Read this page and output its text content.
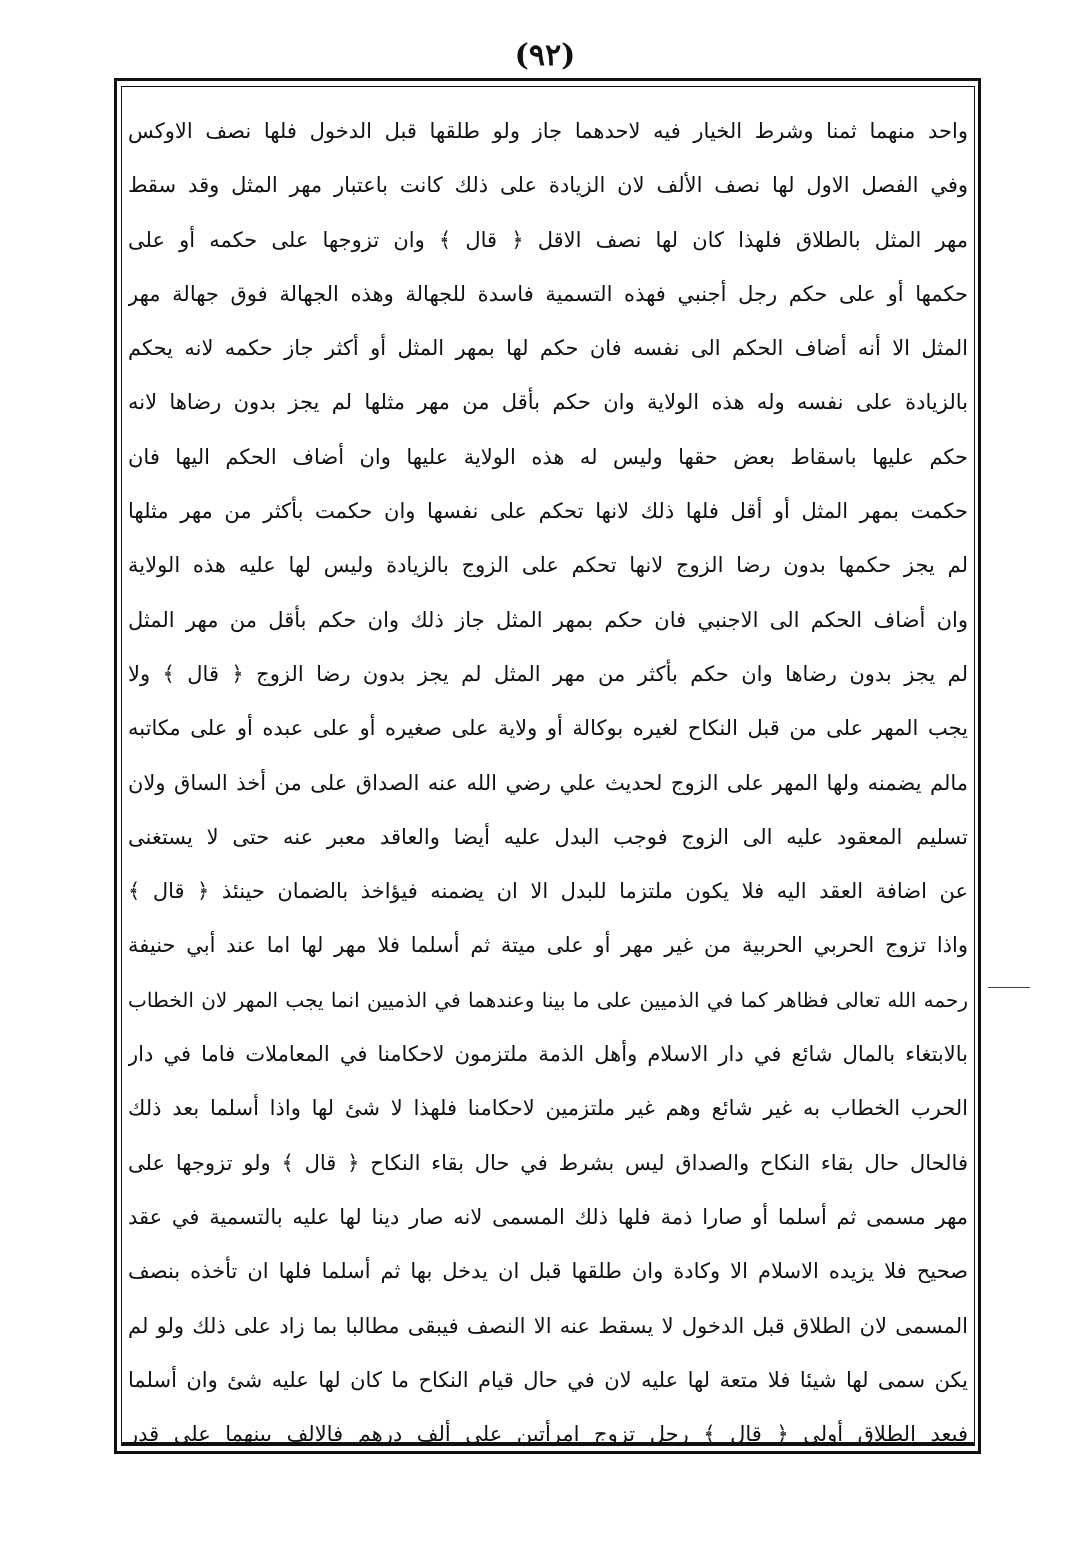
(٩٢)
واحد منهما ثمنا وشرط الخيار فيه لاحدهما جاز ولو طلقها قبل الدخول فلها نصف الاوكس
وفي الفصل الاول لها نصف الألف لان الزيادة على ذلك كانت باعتبار مهر المثل وقد سقط
مهر المثل بالطلاق فلهذا كان لها نصف الاقل ﴿ قال ﴾ وان تزوجها على حكمه أو على
حكمها أو على حكم رجل أجنبي فهذه التسمية فاسدة للجهالة وهذه الجهالة فوق جهالة مهر
المثل الا أنه أضاف الحكم الى نفسه فان حكم لها بمهر المثل أو أكثر جاز حكمه لانه يحكم
بالزيادة على نفسه وله هذه الولاية وان حكم بأقل من مهر مثلها لم يجز بدون رضاها لانه
حكم عليها باسقاط بعض حقها وليس له هذه الولاية عليها وان أضاف الحكم اليها فان
حكمت بمهر المثل أو أقل فلها ذلك لانها تحكم على نفسها وان حكمت بأكثر من مهر مثلها
لم يجز حكمها بدون رضا الزوج لانها تحكم على الزوج بالزيادة وليس لها عليه هذه الولاية
وان أضاف الحكم الى الاجنبي فان حكم بمهر المثل جاز ذلك وان حكم بأقل من مهر المثل
لم يجز بدون رضاها وان حكم بأكثر من مهر المثل لم يجز بدون رضا الزوج ﴿ قال ﴾ ولا
يجب المهر على من قبل النكاح لغيره بوكالة أو ولاية على صغيره أو على عبده أو على مكاتبه
مالم يضمنه ولها المهر على الزوج لحديث علي رضي الله عنه الصداق على من أخذ الساق ولان
تسليم المعقود عليه الى الزوج فوجب البدل عليه أيضا والعاقد معبر عنه حتى لا يستغنى
عن اضافة العقد اليه فلا يكون ملتزما للبدل الا ان يضمنه فيؤاخذ بالضمان حينئذ ﴿ قال ﴾
واذا تزوج الحربي الحربية من غير مهر أو على ميتة ثم أسلما فلا مهر لها اما عند أبي حنيفة
رحمه الله تعالى فظاهر كما في الذميين على ما بينا وعندهما في الذميين انما يجب المهر لان الخطاب
بالابتغاء بالمال شائع في دار الاسلام وأهل الذمة ملتزمون لاحكامنا في المعاملات فاما في دار
الحرب الخطاب به غير شائع وهم غير ملتزمين لاحكامنا فلهذا لا شئ لها واذا أسلما بعد ذلك
فالحال حال بقاء النكاح والصداق ليس بشرط في حال بقاء النكاح ﴿ قال ﴾ ولو تزوجها على
مهر مسمى ثم أسلما أو صارا ذمة فلها ذلك المسمى لانه صار دينا لها عليه بالتسمية في عقد
صحيح فلا يزيده الاسلام الا وكادة وان طلقها قبل ان يدخل بها ثم أسلما فلها ان تأخذه بنصف
المسمى لان الطلاق قبل الدخول لا يسقط عنه الا النصف فيبقى مطالبا بما زاد على ذلك ولو لم
يكن سمى لها شيئا فلا متعة لها عليه لان في حال قيام النكاح ما كان لها عليه شئ وان أسلما
فبعد الطلاق أولى ﴿ قال ﴾ رجل تزوج امرأتين على ألف درهم فالالف بينهما على قدر
